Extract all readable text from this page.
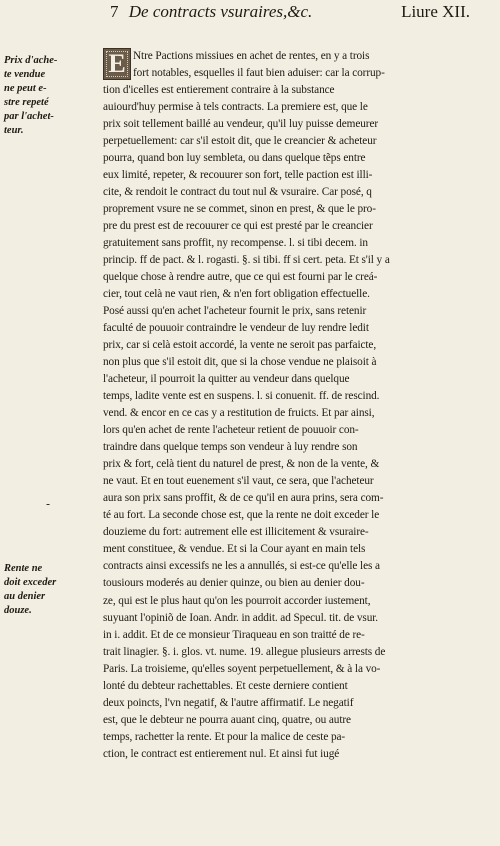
7 De contracts vsuraires,&c.	Liure XII.
Prix d'ache-
te vendue
ne peut e-
stre repeté
par l'achet-
teur.
-
Rente ne
doit exceder
au denier
douze.
E Ntre Pactions missiues en achet de rentes, en y a trois
fort notables, esquelles il faut bien aduiser: car la corrup-
tion d'icelles est entierement contraire à la substance
auiourd'huy permise à tels contracts. La premiere est, que le
prix soit tellement baillé au vendeur, qu'il luy puisse demeurer
perpetuellement: car s'il estoit dit, que le creancier & acheteur
pourra, quand bon luy sembleta, ou dans quelque tẽps entre
eux limité, repeter, & recouurer son fort, telle paction est illi-
cite, & rendoit le contract du tout nul & vsuraire. Car posé, q
proprement vsure ne se commet, sinon en prest, & que le pro-
pre du prest est de recouurer ce qui est presté par le creancier
gratuitement sans proffit, ny recompense. l. si tibi decem. in
princip. ff de pact. & l. rogasti. §. si tibi. ff si cert. peta. Et s'il y a
quelque chose à rendre autre, que ce qui est fourni par le creá-
cier, tout celà ne vaut rien, & n'en fort obligation effectuelle.
Posé aussi qu'en achet l'acheteur fournit le prix, sans retenir
faculté de pouuoir contraindre le vendeur de luy rendre ledit
prix, car si celà estoit accordé, la vente ne seroit pas parfaicte,
non plus que s'il estoit dit, que si la chose vendue ne plaisoit à
l'acheteur, il pourroit la quitter au vendeur dans quelque
temps, ladite vente est en suspens. l. si conuenit. ff. de rescind.
vend. & encor en ce cas y a restitution de fruicts. Et par ainsi,
lors qu'en achet de rente l'acheteur retient de pouuoir con-
traindre dans quelque temps son vendeur à luy rendre son
prix & fort, celà tient du naturel de prest, & non de la vente, &
ne vaut. Et en tout euenement s'il vaut, ce sera, que l'acheteur
aura son prix sans proffit, & de ce qu'il en aura prins, sera com-
té au fort. La seconde chose est, que la rente ne doit exceder le
douzieme du fort: autrement elle est illicitement & vsuraire-
ment constituee, & vendue. Et si la Cour ayant en main tels
contracts ainsi excessifs ne les a annullés, si est-ce qu'elle les a
tousiours moderés au denier quinze, ou bien au denier dou-
ze, qui est le plus haut qu'on les pourroit accorder iustement,
suyuant l'opiniõ de Ioan. Andr. in addit. ad Specul. tit. de vsur.
in i. addit. Et de ce monsieur Tiraqueau en son traitté de re-
trait linagier. §. i. glos. vt. nume. 19. allegue plusieurs arrests de
Paris. La troisieme, qu'elles soyent perpetuellement, & à la vo-
lonté du debteur rachettables. Et ceste derniere contient
deux poincts, l'vn negatif, & l'autre affirmatif. Le negatif
est, que le debteur ne pourra auant cinq, quatre, ou autre
temps, rachetter la rente. Et pour la malice de ceste pa-
ction, le contract est entierement nul. Et ainsi fut iugé
